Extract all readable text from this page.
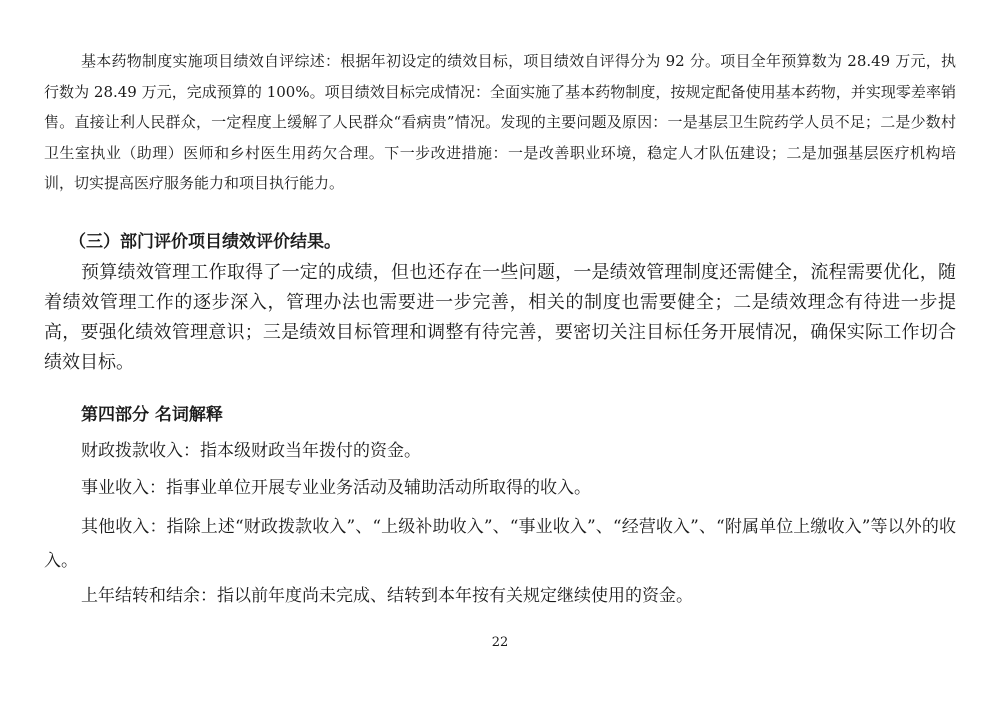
基本药物制度实施项目绩效自评综述：根据年初设定的绩效目标，项目绩效自评得分为 92 分。项目全年预算数为 28.49 万元，执行数为 28.49 万元，完成预算的 100%。项目绩效目标完成情况：全面实施了基本药物制度，按规定配备使用基本药物，并实现零差率销售。直接让利人民群众，一定程度上缓解了人民群众“看病贵”情况。发现的主要问题及原因：一是基层卫生院药学人员不足；二是少数村卫生室执业（助理）医师和乡村医生用药欠合理。下一步改进措施：一是改善职业环境，稳定人才队伍建设；二是加强基层医疗机构培训，切实提高医疗服务能力和项目执行能力。

（三）部门评价项目绩效评价结果。

预算绩效管理工作取得了一定的成绩，但也还存在一些问题，一是绩效管理制度还需健全，流程需要优化，随着绩效管理工作的逐步深入，管理办法也需要进一步完善，相关的制度也需要健全；二是绩效理念有待进一步提高，要强化绩效管理意识；三是绩效目标管理和调整有待完善，要密切关注目标任务开展情况，确保实际工作切合绩效目标。

第四部分 名词解释

财政拨款收入：指本级财政当年拨付的资金。

事业收入：指事业单位开展专业业务活动及辅助活动所取得的收入。

其他收入：指除上述“财政拨款收入”、“上级补助收入”、“事业收入”、“经营收入”、“附属单位上缴收入”等以外的收入。

上年结转和结余：指以前年度尚未完成、结转到本年按有关规定继续使用的资金。

22
